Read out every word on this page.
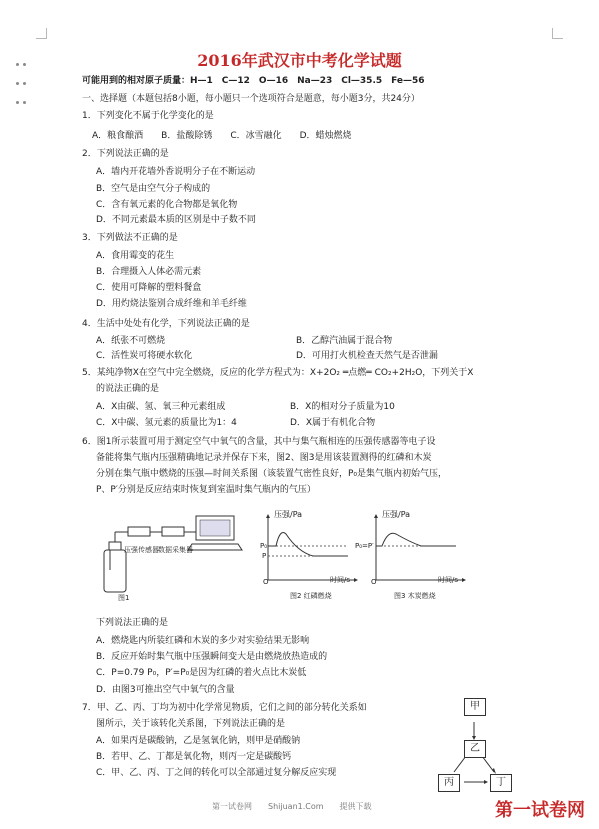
2016年武汉市中考化学试题
可能用到的相对原子质量：H—1　C—12　O—16　Na—23　Cl—35.5　Fe—56
一、选择题（本题包括8小题，每小题只一个选项符合是题意，每小题3分，共24分）
1．下列变化不属于化学变化的是
A．粮食酿酒　　B．盐酸除锈　　C．冰雪融化　　D．蜡烛燃烧
2．下列说法正确的是
A．墙内开花墙外香说明分子在不断运动
B．空气是由空气分子构成的
C．含有氧元素的化合物都是氧化物
D．不同元素最本质的区别是中子数不同
3．下列做法不正确的是
A．食用霉变的花生
B．合理摄入人体必需元素
C．使用可降解的塑料餐盒
D．用灼烧法鉴别合成纤维和羊毛纤维
4．生活中处处有化学，下列说法正确的是
A．纸张不可燃烧	B．乙醇汽油属于混合物
C．活性炭可将硬水软化	D．可用打火机检查天然气是否泄漏
5．某纯净物X在空气中完全燃烧，反应的化学方程式为：X+2O₂ ═点燃═ CO₂+2H₂O，下列关于X
的说法正确的是
A．X由碳、氢、氧三种元素组成	B．X的相对分子质量为10
C．X中碳、氢元素的质量比为1：4	D．X属于有机化合物
6．图1所示装置可用于测定空气中氧气的含量，其中与集气瓶相连的压强传感器等电子设
备能将集气瓶内压强精确地记录并保存下来，图2、图3是用该装置测得的红磷和木炭
分别在集气瓶中燃烧的压强—时间关系图（该装置气密性良好，P₀是集气瓶内初始气压，
P、P′分别是反应结束时恢复到室温时集气瓶内的气压）
压强传感器 数据采集器
图1
压强/Pa
P₀
P
O	时间/s
图2 红磷燃烧
压强/Pa
P₀=P′
O	时间/s
图3 木炭燃烧
下列说法正确的是
A．燃烧匙内所装红磷和木炭的多少对实验结果无影响
B．反应开始时集气瓶中压强瞬间变大是由燃烧放热造成的
C．P=0.79 P₀，P′=P₀是因为红磷的着火点比木炭低
D．由图3可推出空气中氧气的含量
7．甲、乙、丙、丁均为初中化学常见物质，它们之间的部分转化关系如
图所示，关于该转化关系图，下列说法正确的是
A．如果丙是碳酸钠，乙是氢氧化钠，则甲是硝酸钠
B．若甲、乙、丁都是氧化物，则丙一定是碳酸钙
C．甲、乙、丙、丁之间的转化可以全部通过复分解反应实现
甲
乙
丙	丁
第一试卷网　　Shijuan1.Com　　提供下载	第一试卷网
